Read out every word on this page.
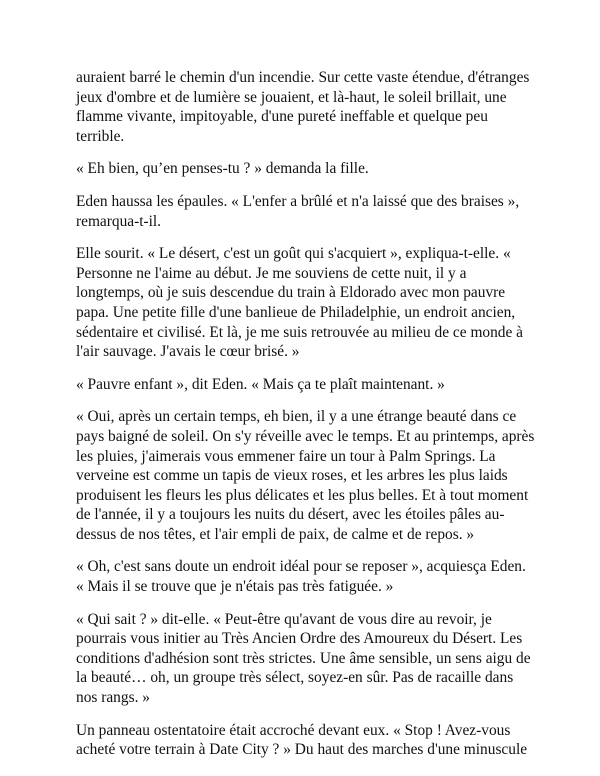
auraient barré le chemin d'un incendie. Sur cette vaste étendue, d'étranges jeux d'ombre et de lumière se jouaient, et là-haut, le soleil brillait, une flamme vivante, impitoyable, d'une pureté ineffable et quelque peu terrible.

« Eh bien, qu’en penses-tu ? » demanda la fille.

Eden haussa les épaules. « L'enfer a brûlé et n'a laissé que des braises », remarqua-t-il.

Elle sourit. « Le désert, c'est un goût qui s'acquiert », expliqua-t-elle. « Personne ne l'aime au début. Je me souviens de cette nuit, il y a longtemps, où je suis descendue du train à Eldorado avec mon pauvre papa. Une petite fille d'une banlieue de Philadelphie, un endroit ancien, sédentaire et civilisé. Et là, je me suis retrouvée au milieu de ce monde à l'air sauvage. J'avais le cœur brisé. »

« Pauvre enfant », dit Eden. « Mais ça te plaît maintenant. »

« Oui, après un certain temps, eh bien, il y a une étrange beauté dans ce pays baigné de soleil. On s'y réveille avec le temps. Et au printemps, après les pluies, j'aimerais vous emmener faire un tour à Palm Springs. La verveine est comme un tapis de vieux roses, et les arbres les plus laids produisent les fleurs les plus délicates et les plus belles. Et à tout moment de l'année, il y a toujours les nuits du désert, avec les étoiles pâles au-dessus de nos têtes, et l'air empli de paix, de calme et de repos. »

« Oh, c'est sans doute un endroit idéal pour se reposer », acquiesça Eden. « Mais il se trouve que je n'étais pas très fatiguée. »

« Qui sait ? » dit-elle. « Peut-être qu'avant de vous dire au revoir, je pourrais vous initier au Très Ancien Ordre des Amoureux du Désert. Les conditions d'adhésion sont très strictes. Une âme sensible, un sens aigu de la beauté… oh, un groupe très sélect, soyez-en sûr. Pas de racaille dans nos rangs. »

Un panneau ostentatoire était accroché devant eux. « Stop ! Avez-vous acheté votre terrain à Date City ? » Du haut des marches d'une minuscule
